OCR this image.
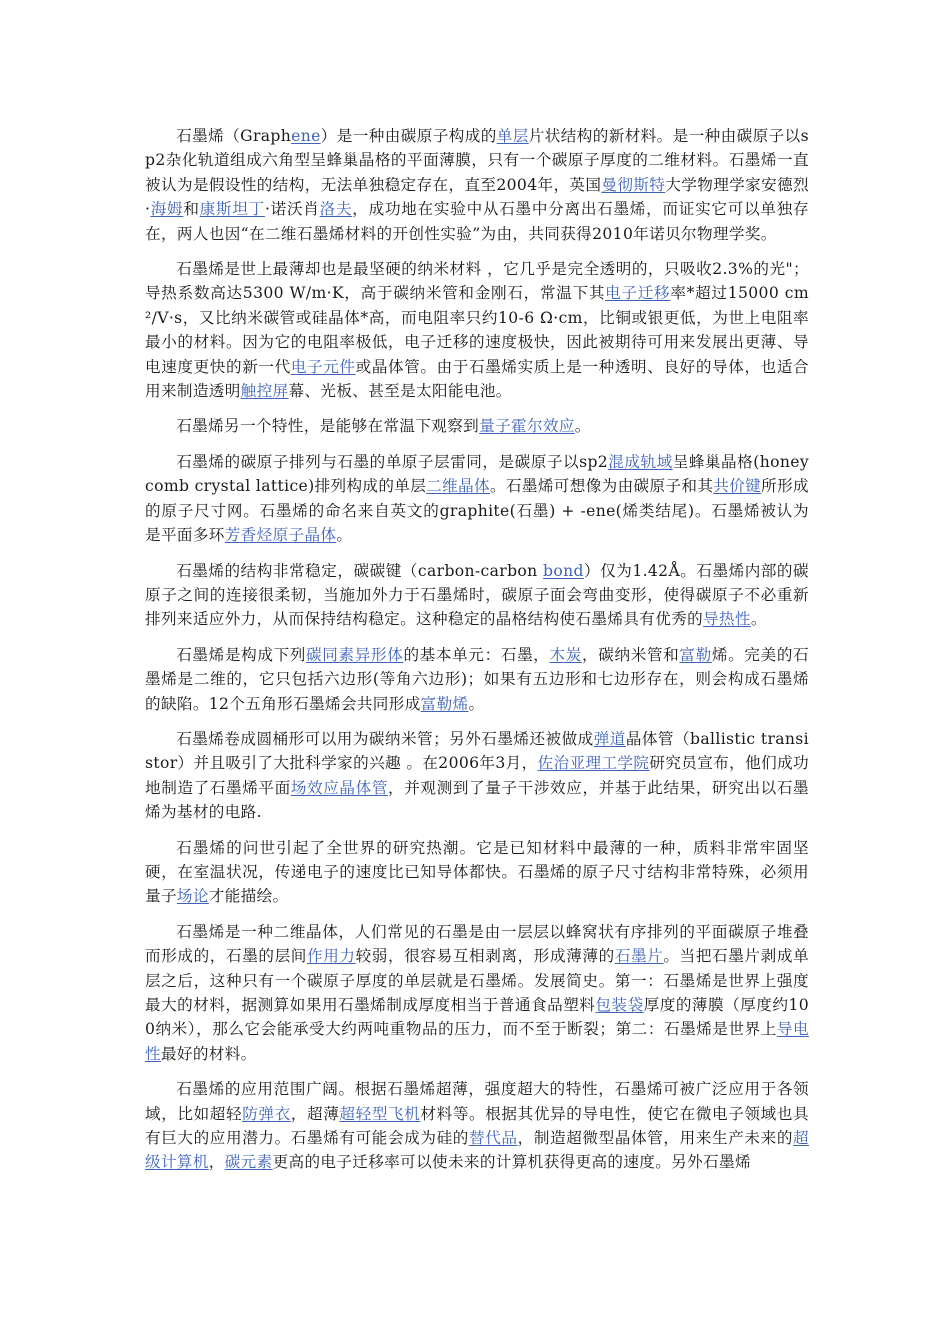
石墨烯（Graphene）是一种由碳原子构成的单层片状结构的新材料。是一种由碳原子以sp2杂化轨道组成六角型呈蜂巢晶格的平面薄膜，只有一个碳原子厚度的二维材料。石墨烯一直被认为是假设性的结构，无法单独稳定存在，直至2004年，英国曼彻斯特大学物理学家安德烈·海姆和康斯坦丁·诺沃肖洛夫，成功地在实验中从石墨中分离出石墨烯，而证实它可以单独存在，两人也因“在二维石墨烯材料的开创性实验”为由，共同获得2010年诺贝尔物理学奖。

石墨烯是世上最薄却也是最坚硬的纳米材料 ，它几乎是完全透明的，只吸收2.3%的光"；导热系数高达5300 W/m·K，高于碳纳米管和金刚石，常温下其电子迁移率*超过15000 cm²/V·s，又比纳米碳管或硅晶体*高，而电阻率只约10-6 Ω·cm，比铜或银更低，为世上电阻率最小的材料。因为它的电阻率极低，电子迁移的速度极快，因此被期待可用来发展出更薄、导电速度更快的新一代电子元件或晶体管。由于石墨烯实质上是一种透明、良好的导体，也适合用来制造透明触控屏幕、光板、甚至是太阳能电池。

石墨烯另一个特性，是能够在常温下观察到量子霍尔效应。

石墨烯的碳原子排列与石墨的单原子层雷同，是碳原子以sp2混成轨域呈蜂巢晶格(honeycomb crystal lattice)排列构成的单层二维晶体。石墨烯可想像为由碳原子和其共价键所形成的原子尺寸网。石墨烯的命名来自英文的graphite(石墨) + -ene(烯类结尾)。石墨烯被认为是平面多环芳香烃原子晶体。

石墨烯的结构非常稳定，碳碳键（carbon-carbon bond）仅为1.42Å。石墨烯内部的碳原子之间的连接很柔韧，当施加外力于石墨烯时，碳原子面会弯曲变形，使得碳原子不必重新排列来适应外力，从而保持结构稳定。这种稳定的晶格结构使石墨烯具有优秀的导热性。

石墨烯是构成下列碳同素异形体的基本单元：石墨，木炭，碳纳米管和富勒烯。完美的石墨烯是二维的，它只包括六边形(等角六边形)；如果有五边形和七边形存在，则会构成石墨烯的缺陷。12个五角形石墨烯会共同形成富勒烯。

石墨烯卷成圆桶形可以用为碳纳米管；另外石墨烯还被做成弹道晶体管（ballistic transistor）并且吸引了大批科学家的兴趣 。在2006年3月，佐治亚理工学院研究员宣布，他们成功地制造了石墨烯平面场效应晶体管，并观测到了量子干涉效应，并基于此结果，研究出以石墨烯为基材的电路.

石墨烯的问世引起了全世界的研究热潮。它是已知材料中最薄的一种，质料非常牢固坚硬，在室温状况，传递电子的速度比已知导体都快。石墨烯的原子尺寸结构非常特殊，必须用量子场论才能描绘。

石墨烯是一种二维晶体，人们常见的石墨是由一层层以蜂窝状有序排列的平面碳原子堆叠而形成的，石墨的层间作用力较弱，很容易互相剥离，形成薄薄的石墨片。当把石墨片剥成单层之后，这种只有一个碳原子厚度的单层就是石墨烯。发展简史。第一：石墨烯是世界上强度最大的材料，据测算如果用石墨烯制成厚度相当于普通食品塑料包装袋厚度的薄膜（厚度约100纳米），那么它会能承受大约两吨重物品的压力，而不至于断裂；第二：石墨烯是世界上导电性最好的材料。

石墨烯的应用范围广阔。根据石墨烯超薄，强度超大的特性，石墨烯可被广泛应用于各领域，比如超轻防弹衣，超薄超轻型飞机材料等。根据其优异的导电性，使它在微电子领域也具有巨大的应用潜力。石墨烯有可能会成为硅的替代品，制造超微型晶体管，用来生产未来的超级计算机，碳元素更高的电子迁移率可以使未来的计算机获得更高的速度。另外石墨烯
